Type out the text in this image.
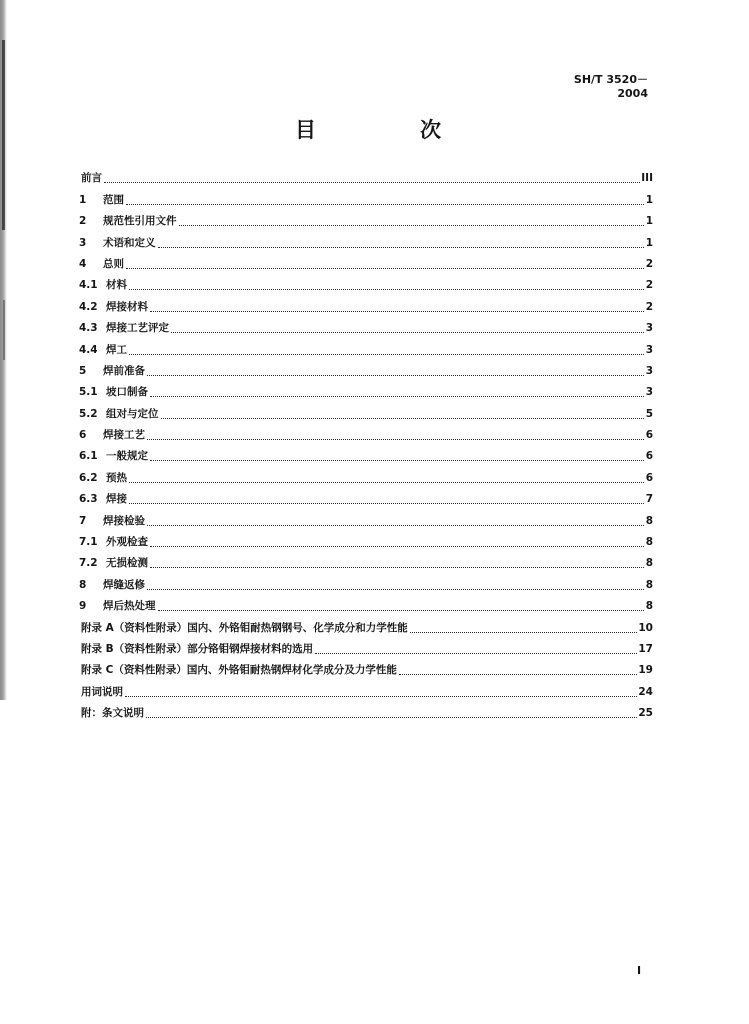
SH/T 3520－2004
目	次
前言	III
1	范围	1
2	规范性引用文件	1
3	术语和定义	1
4	总则	2
4.1 材料	2
4.2 焊接材料	2
4.3 焊接工艺评定	3
4.4 焊工	3
5	焊前准备	3
5.1 坡口制备	3
5.2 组对与定位	5
6	焊接工艺	6
6.1 一般规定	6
6.2 预热	6
6.3 焊接	7
7	焊接检验	8
7.1 外观检查	8
7.2 无损检测	8
8	焊缝返修	8
9	焊后热处理	8
附录 A（资料性附录）国内、外铬钼耐热钢钢号、化学成分和力学性能	10
附录 B（资料性附录）部分铬钼钢焊接材料的选用	17
附录 C（资料性附录）国内、外铬钼耐热钢焊材化学成分及力学性能	19
用词说明	24
附：条文说明	25
I
